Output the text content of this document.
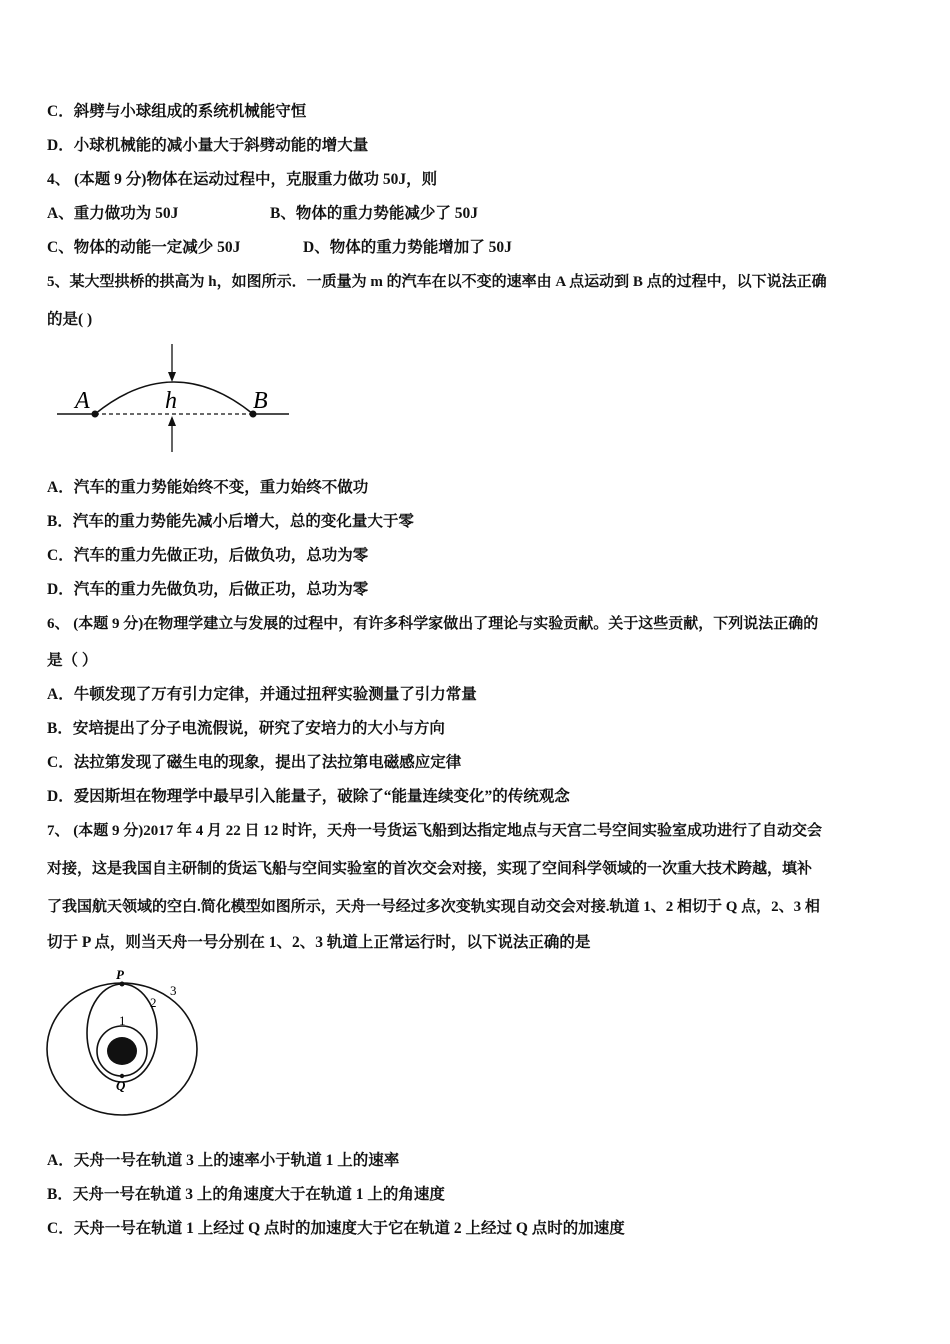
C．斜劈与小球组成的系统机械能守恒
D．小球机械能的减小量大于斜劈动能的增大量
4、 (本题 9 分)物体在运动过程中，克服重力做功 50J，则
A、重力做功为 50J	B、物体的重力势能减少了 50J
C、物体的动能一定减少 50J	D、物体的重力势能增加了 50J
5、某大型拱桥的拱高为 h，如图所示．一质量为 m 的汽车在以不变的速率由 A 点运动到 B 点的过程中，以下说法正确
的是( )
A	h	B
A．汽车的重力势能始终不变，重力始终不做功
B．汽车的重力势能先减小后增大，总的变化量大于零
C．汽车的重力先做正功，后做负功，总功为零
D．汽车的重力先做负功，后做正功，总功为零
6、 (本题 9 分)在物理学建立与发展的过程中，有许多科学家做出了理论与实验贡献。关于这些贡献，下列说法正确的
是（ ）
A．牛顿发现了万有引力定律，并通过扭秤实验测量了引力常量
B．安培提出了分子电流假说，研究了安培力的大小与方向
C．法拉第发现了磁生电的现象，提出了法拉第电磁感应定律
D．爱因斯坦在物理学中最早引入能量子，破除了“能量连续变化”的传统观念
7、 (本题 9 分)2017 年 4 月 22 日 12 时许，天舟一号货运飞船到达指定地点与天宫二号空间实验室成功进行了自动交会
对接，这是我国自主研制的货运飞船与空间实验室的首次交会对接，实现了空间科学领域的一次重大技术跨越，填补
了我国航天领域的空白.简化模型如图所示，天舟一号经过多次变轨实现自动交会对接.轨道 1、2 相切于 Q 点，2、3 相
切于 P 点，则当天舟一号分别在 1、2、3 轨道上正常运行时，以下说法正确的是
P
Q
1
2
3
A．天舟一号在轨道 3 上的速率小于轨道 1 上的速率
B．天舟一号在轨道 3 上的角速度大于在轨道 1 上的角速度
C．天舟一号在轨道 1 上经过 Q 点时的加速度大于它在轨道 2 上经过 Q 点时的加速度
